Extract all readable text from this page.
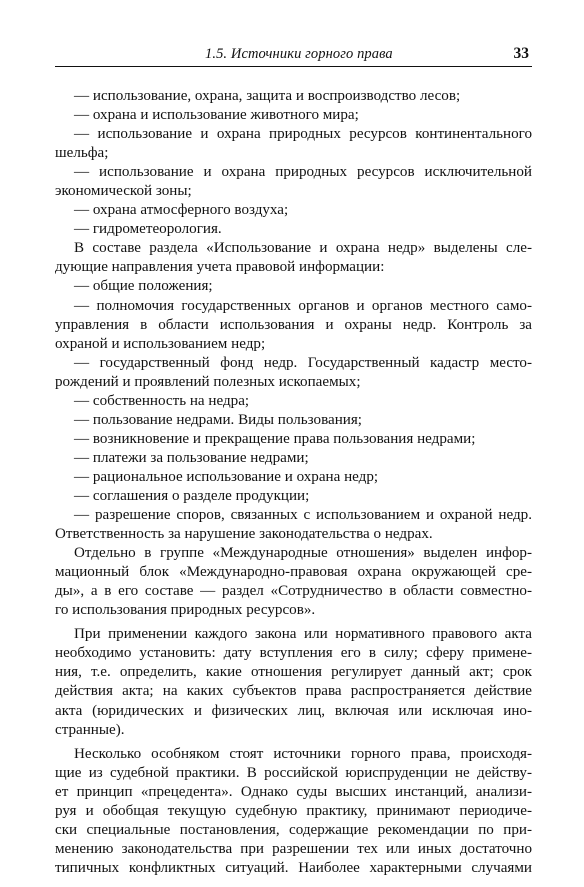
1.5. Источники горного права	33
— использование, охрана, защита и воспроизводство лесов;
— охрана и использование животного мира;
— использование и охрана природных ресурсов континентального
шельфа;
— использование и охрана природных ресурсов исключительной
экономической зоны;
— охрана атмосферного воздуха;
— гидрометеорология.
В составе раздела «Использование и охрана недр» выделены сле-
дующие направления учета правовой информации:
— общие положения;
— полномочия государственных органов и органов местного само-
управления в области использования и охраны недр. Контроль за
охраной и использованием недр;
— государственный фонд недр. Государственный кадастр место-
рождений и проявлений полезных ископаемых;
— собственность на недра;
— пользование недрами. Виды пользования;
— возникновение и прекращение права пользования недрами;
— платежи за пользование недрами;
— рациональное использование и охрана недр;
— соглашения о разделе продукции;
— разрешение споров, связанных с использованием и охраной недр.
Ответственность за нарушение законодательства о недрах.
Отдельно в группе «Международные отношения» выделен инфор-
мационный блок «Международно-правовая охрана окружающей сре-
ды», а в его составе — раздел «Сотрудничество в области совместно-
го использования природных ресурсов».
При применении каждого закона или нормативного правового акта
необходимо установить: дату вступления его в силу; сферу примене-
ния, т.е. определить, какие отношения регулирует данный акт; срок
действия акта; на каких субъектов права распространяется действие
акта (юридических и физических лиц, включая или исключая ино-
странные).
Несколько особняком стоят источники горного права, происходя-
щие из судебной практики. В российской юриспруденции не действу-
ет принцип «прецедента». Однако суды высших инстанций, анализи-
руя и обобщая текущую судебную практику, принимают периодиче-
ски специальные постановления, содержащие рекомендации по при-
менению законодательства при разрешении тех или иных достаточно
типичных конфликтных ситуаций. Наиболее характерными случаями
